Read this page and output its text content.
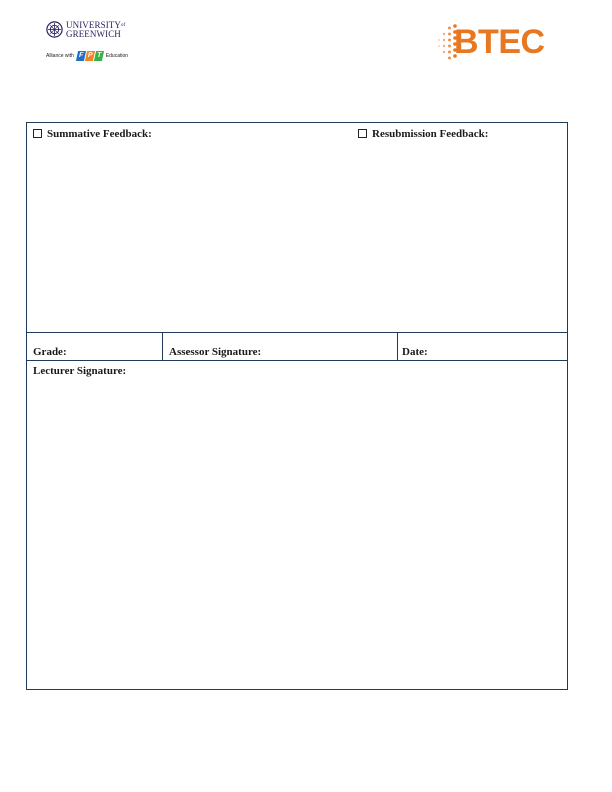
$UNIVERSITY^{of}$
GREENWICH
Alliance with F P T Education	BTEC
Summative Feedback:	Resubmission Feedback:
Grade:	Assessor Signature:	Date:
Lecturer Signature:
